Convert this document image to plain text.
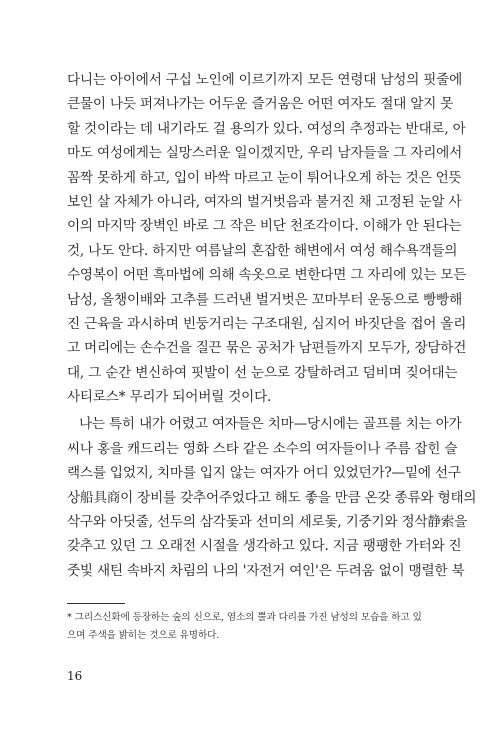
다니는 아이에서 구십 노인에 이르기까지 모든 연령대 남성의 핏줄에
큰물이 나듯 퍼져나가는 어두운 즐거움은 어떤 여자도 절대 알지 못
할 것이라는 데 내기라도 걸 용의가 있다. 여성의 추정과는 반대로, 아
마도 여성에게는 실망스러운 일이겠지만, 우리 남자들을 그 자리에서
꼼짝 못하게 하고, 입이 바싹 마르고 눈이 튀어나오게 하는 것은 언뜻
보인 살 자체가 아니라, 여자의 벌거벗음과 불거진 채 고정된 눈알 사
이의 마지막 장벽인 바로 그 작은 비단 천조각이다. 이해가 안 된다는
것, 나도 안다. 하지만 여름날의 혼잡한 해변에서 여성 해수욕객들의
수영복이 어떤 흑마법에 의해 속옷으로 변한다면 그 자리에 있는 모든
남성, 올챙이배와 고추를 드러낸 벌거벗은 꼬마부터 운동으로 빵빵해
진 근육을 과시하며 빈둥거리는 구조대원, 심지어 바짓단을 접어 올리
고 머리에는 손수건을 질끈 묶은 공처가 남편들까지 모두가, 장담하건
대, 그 순간 변신하여 핏발이 선 눈으로 강탈하려고 덤비며 짖어대는
사티로스* 무리가 되어버릴 것이다.
나는 특히 내가 어렸고 여자들은 치마—당시에는 골프를 치는 아가
씨나 홍을 캐드리는 영화 스타 같은 소수의 여자들이나 주름 잡힌 슬
랙스를 입었지, 치마를 입지 않는 여자가 어디 있었던가?—밑에 선구
상船具商이 장비를 갖추어주었다고 해도 좋을 만큼 온갖 종류와 형태의
삭구와 아딧줄, 선두의 삼각돛과 선미의 세로돛, 기중기와 정삭静索을
갖추고 있던 그 오래전 시절을 생각하고 있다. 지금 팽팽한 가터와 진
줏빛 새틴 속바지 차림의 나의 '자전거 여인'은 두려움 없이 맹렬한 북
* 그리스신화에 등장하는 숲의 신으로, 염소의 뿔과 다리를 가진 남성의 모습을 하고 있
으며 주색을 밝히는 것으로 유명하다.
16
